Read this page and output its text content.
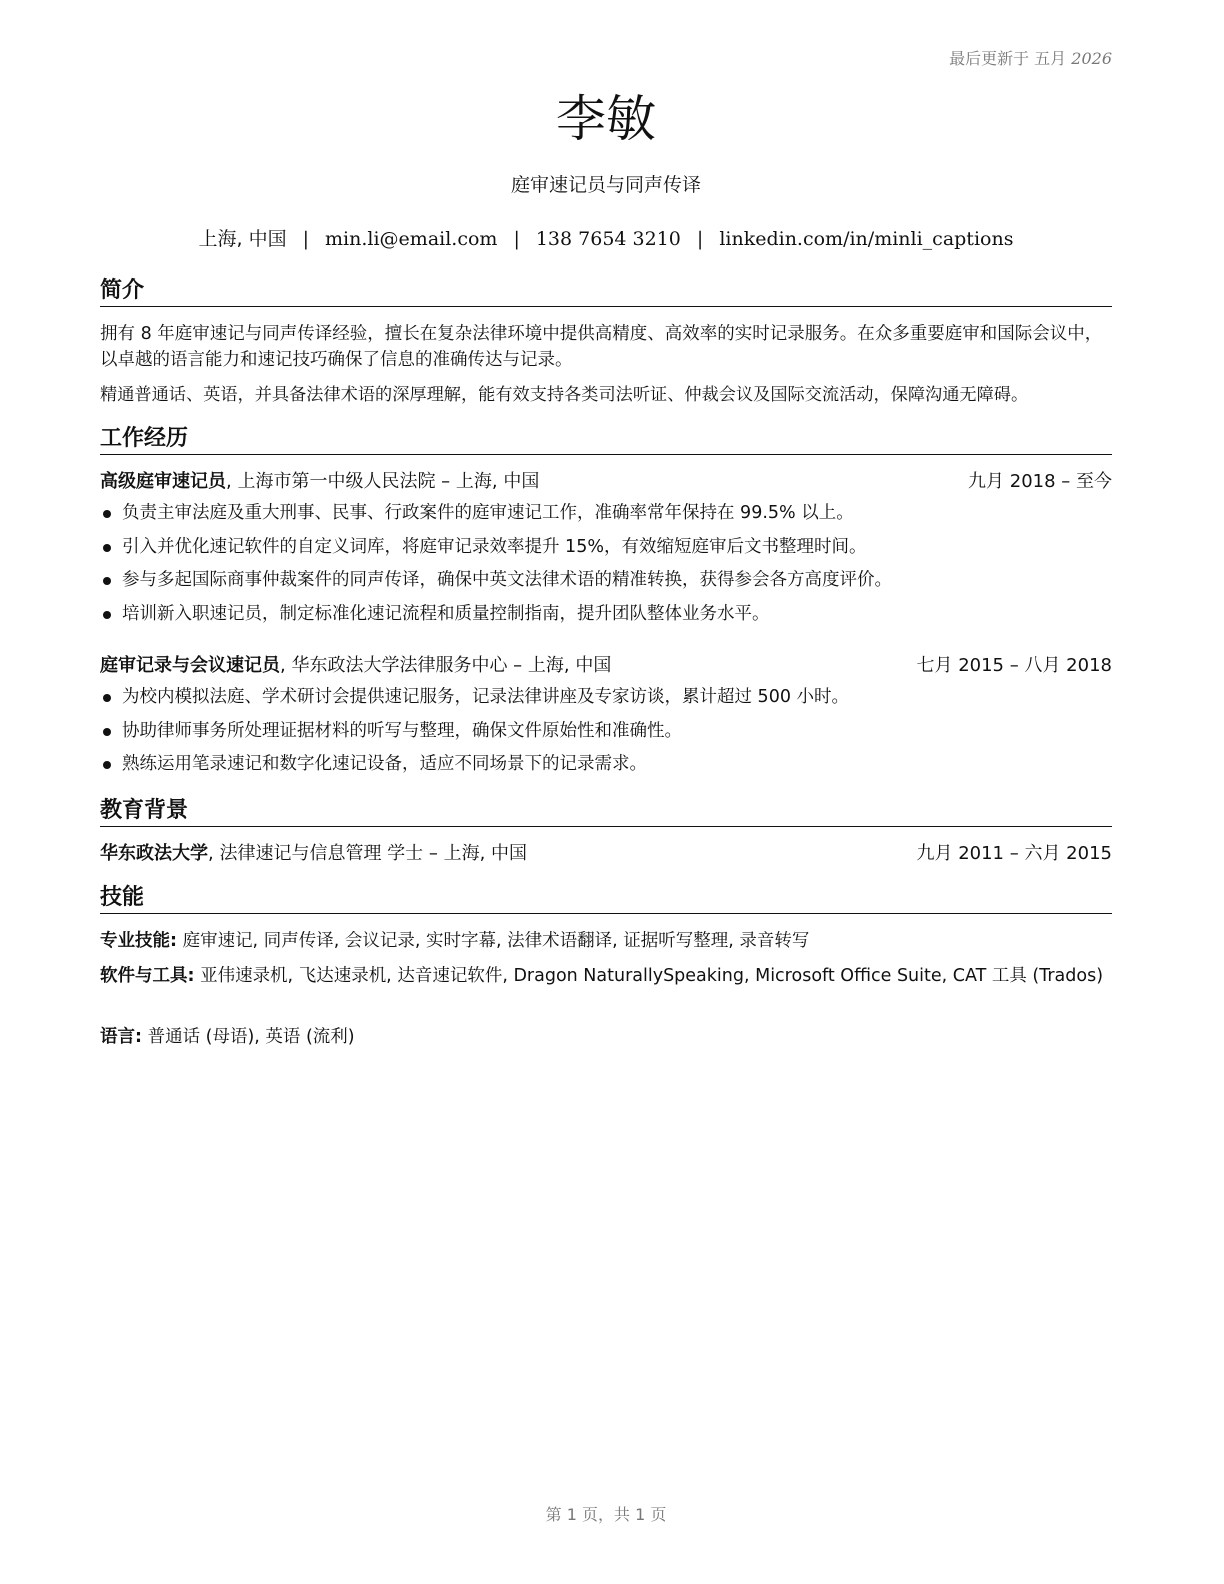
最后更新于 五月 2026
李敏
庭审速记员与同声传译
上海, 中国 | min.li@email.com | 138 7654 3210 | linkedin.com/in/minli_captions
简介
拥有 8 年庭审速记与同声传译经验，擅长在复杂法律环境中提供高精度、高效率的实时记录服务。在众多重要庭审和国际会议中，以卓越的语言能力和速记技巧确保了信息的准确传达与记录。
精通普通话、英语，并具备法律术语的深厚理解，能有效支持各类司法听证、仲裁会议及国际交流活动，保障沟通无障碍。
工作经历
高级庭审速记员, 上海市第一中级人民法院 – 上海, 中国	九月 2018 – 至今
负责主审法庭及重大刑事、民事、行政案件的庭审速记工作，准确率常年保持在 99.5% 以上。
引入并优化速记软件的自定义词库，将庭审记录效率提升 15%，有效缩短庭审后文书整理时间。
参与多起国际商事仲裁案件的同声传译，确保中英文法律术语的精准转换，获得参会各方高度评价。
培训新入职速记员，制定标准化速记流程和质量控制指南，提升团队整体业务水平。
庭审记录与会议速记员, 华东政法大学法律服务中心 – 上海, 中国	七月 2015 – 八月 2018
为校内模拟法庭、学术研讨会提供速记服务，记录法律讲座及专家访谈，累计超过 500 小时。
协助律师事务所处理证据材料的听写与整理，确保文件原始性和准确性。
熟练运用笔录速记和数字化速记设备，适应不同场景下的记录需求。
教育背景
华东政法大学, 法律速记与信息管理 学士 – 上海, 中国	九月 2011 – 六月 2015
技能
专业技能: 庭审速记, 同声传译, 会议记录, 实时字幕, 法律术语翻译, 证据听写整理, 录音转写
软件与工具: 亚伟速录机, 飞达速录机, 达音速记软件, Dragon NaturallySpeaking, Microsoft Office Suite, CAT 工具 (Trados)
语言: 普通话 (母语), 英语 (流利)
第 1 页，共 1 页
